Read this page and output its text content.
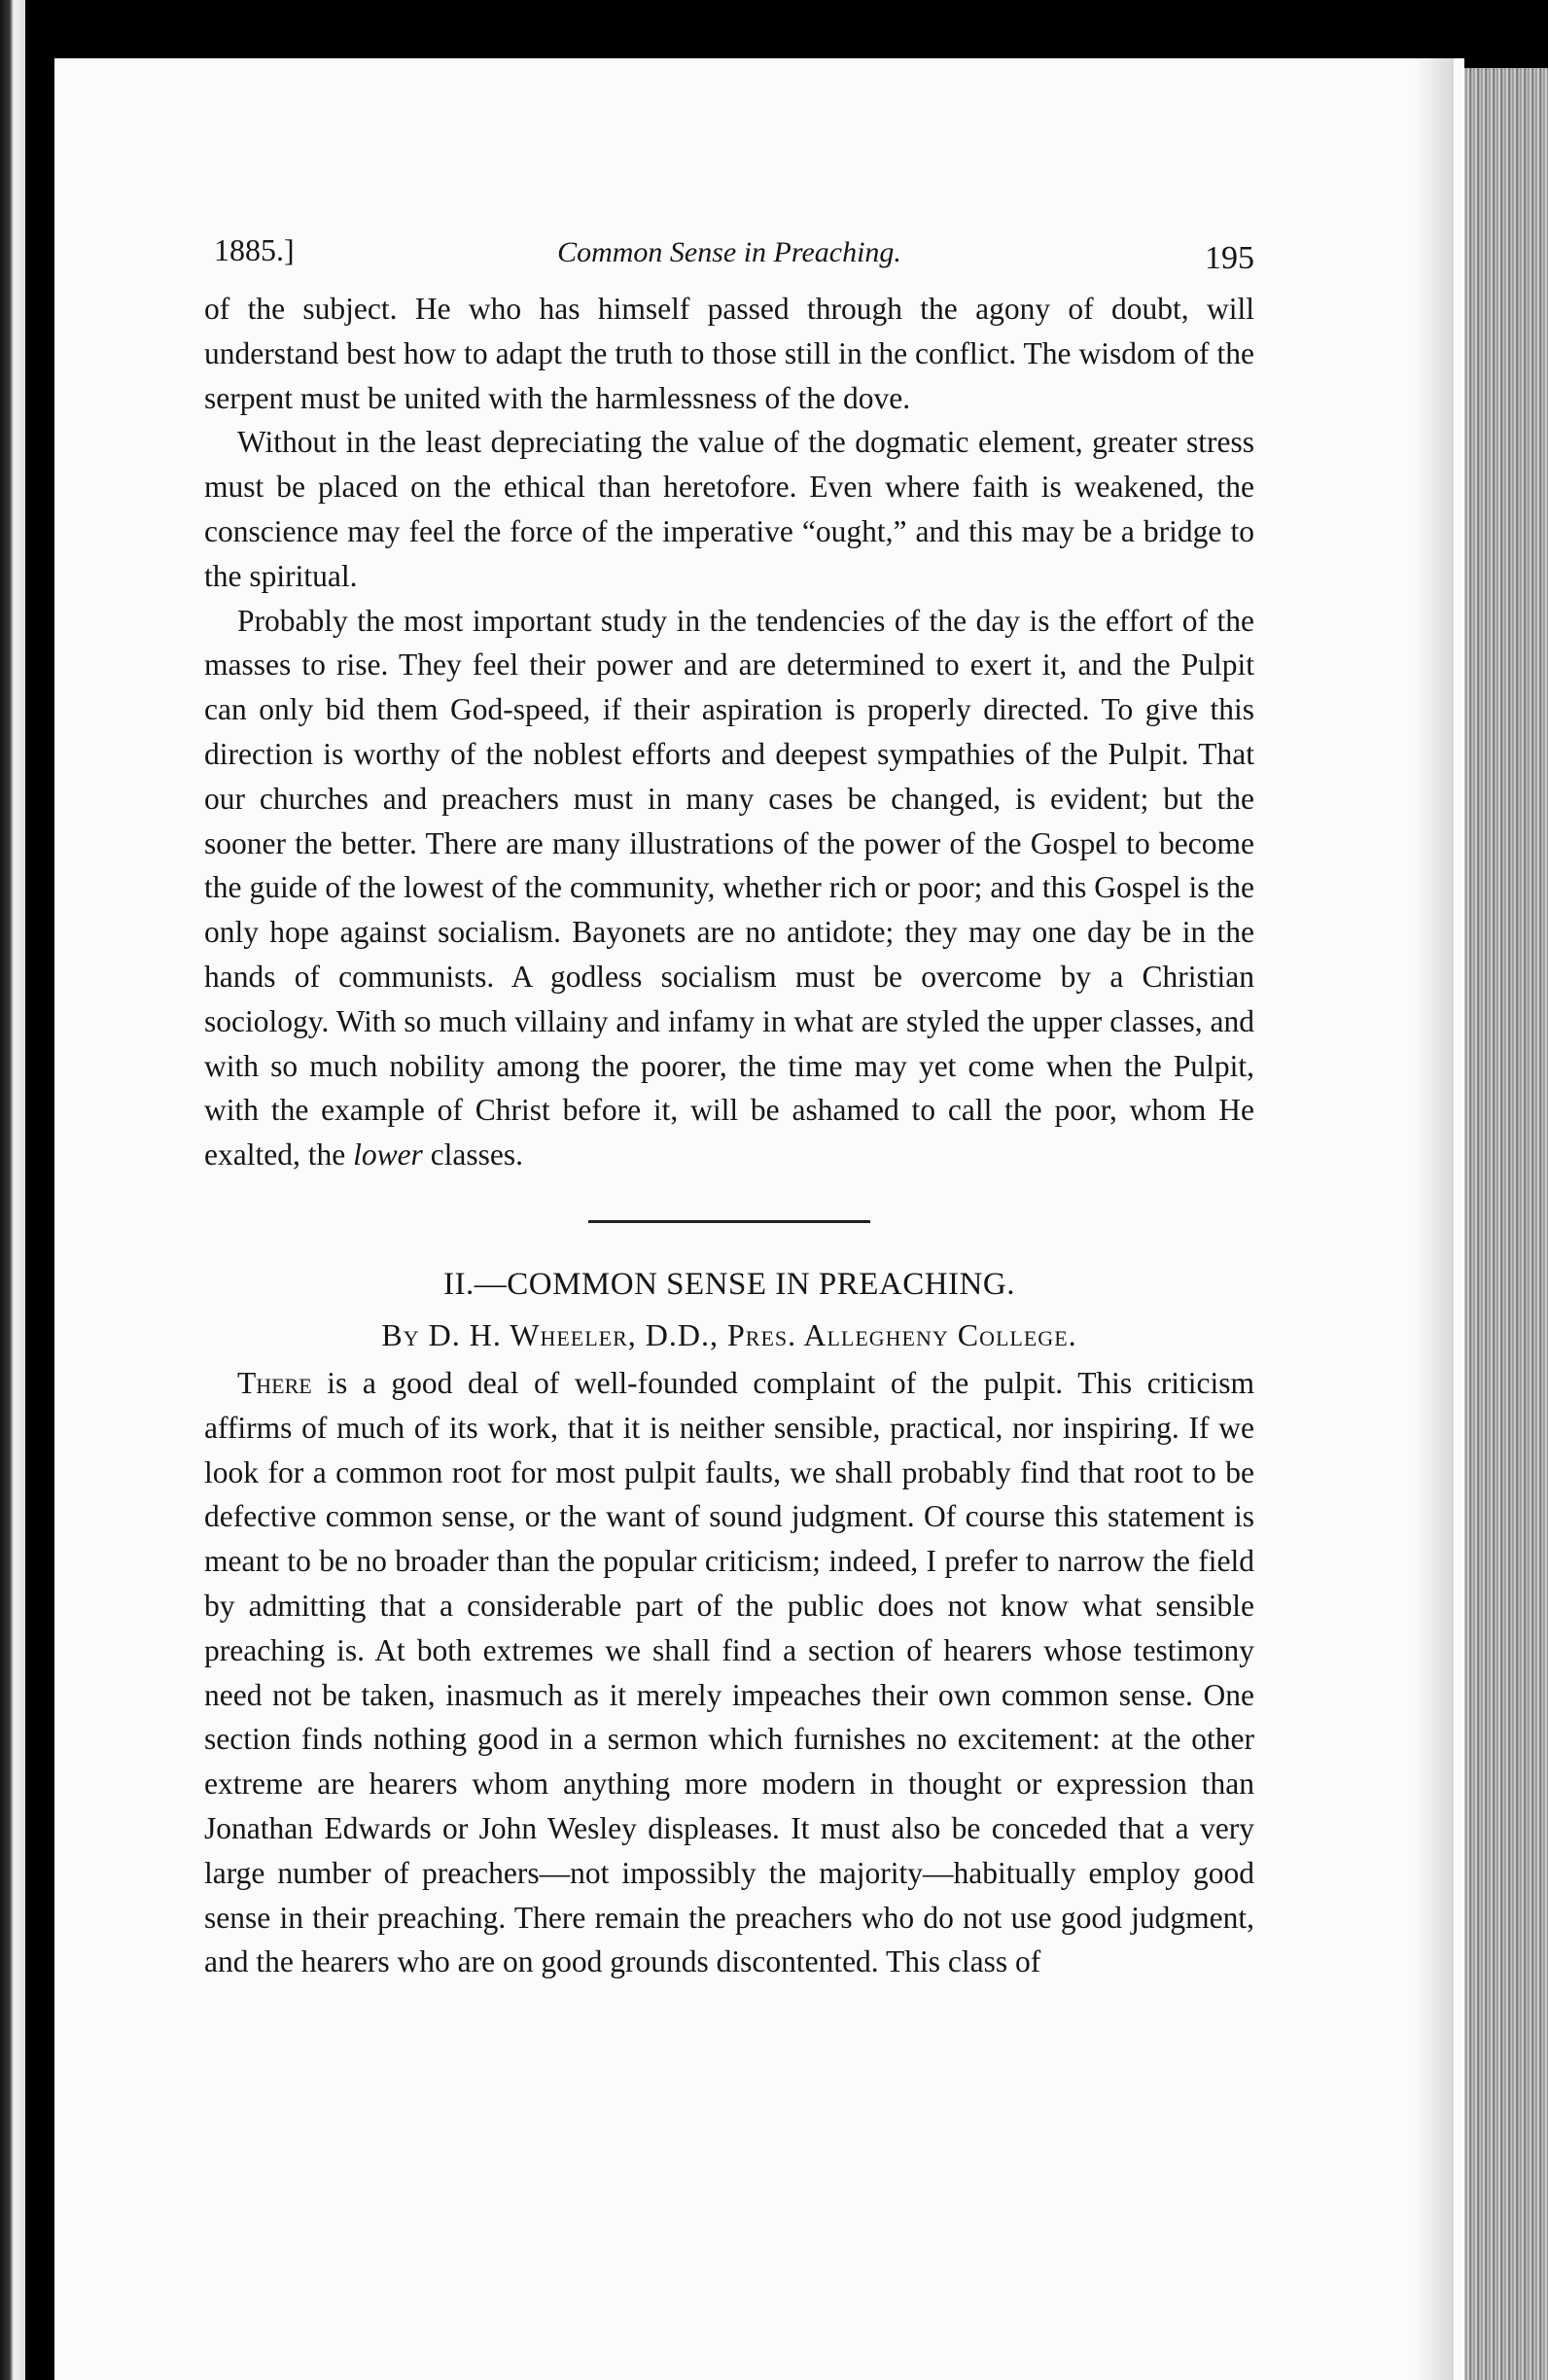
1885.]	Common Sense in Preaching.	195

of the subject. He who has himself passed through the agony of doubt, will understand best how to adapt the truth to those still in the conflict. The wisdom of the serpent must be united with the harmlessness of the dove.

Without in the least depreciating the value of the dogmatic element, greater stress must be placed on the ethical than heretofore. Even where faith is weakened, the conscience may feel the force of the imperative “ought,” and this may be a bridge to the spiritual.

Probably the most important study in the tendencies of the day is the effort of the masses to rise. They feel their power and are determined to exert it, and the Pulpit can only bid them God-speed, if their aspiration is properly directed. To give this direction is worthy of the noblest efforts and deepest sympathies of the Pulpit. That our churches and preachers must in many cases be changed, is evident; but the sooner the better. There are many illustrations of the power of the Gospel to become the guide of the lowest of the community, whether rich or poor; and this Gospel is the only hope against socialism. Bayonets are no antidote; they may one day be in the hands of communists. A godless socialism must be overcome by a Christian sociology. With so much villainy and infamy in what are styled the upper classes, and with so much nobility among the poorer, the time may yet come when the Pulpit, with the example of Christ before it, will be ashamed to call the poor, whom He exalted, the lower classes.

II.—COMMON SENSE IN PREACHING.
By D. H. Wheeler, D.D., Pres. Allegheny College.

There is a good deal of well-founded complaint of the pulpit. This criticism affirms of much of its work, that it is neither sensible, practical, nor inspiring. If we look for a common root for most pulpit faults, we shall probably find that root to be defective common sense, or the want of sound judgment. Of course this statement is meant to be no broader than the popular criticism; indeed, I prefer to narrow the field by admitting that a considerable part of the public does not know what sensible preaching is. At both extremes we shall find a section of hearers whose testimony need not be taken, inasmuch as it merely impeaches their own common sense. One section finds nothing good in a sermon which furnishes no excitement: at the other extreme are hearers whom anything more modern in thought or expression than Jonathan Edwards or John Wesley displeases. It must also be conceded that a very large number of preachers—not impossibly the majority—habitually employ good sense in their preaching. There remain the preachers who do not use good judgment, and the hearers who are on good grounds discontented. This class of
